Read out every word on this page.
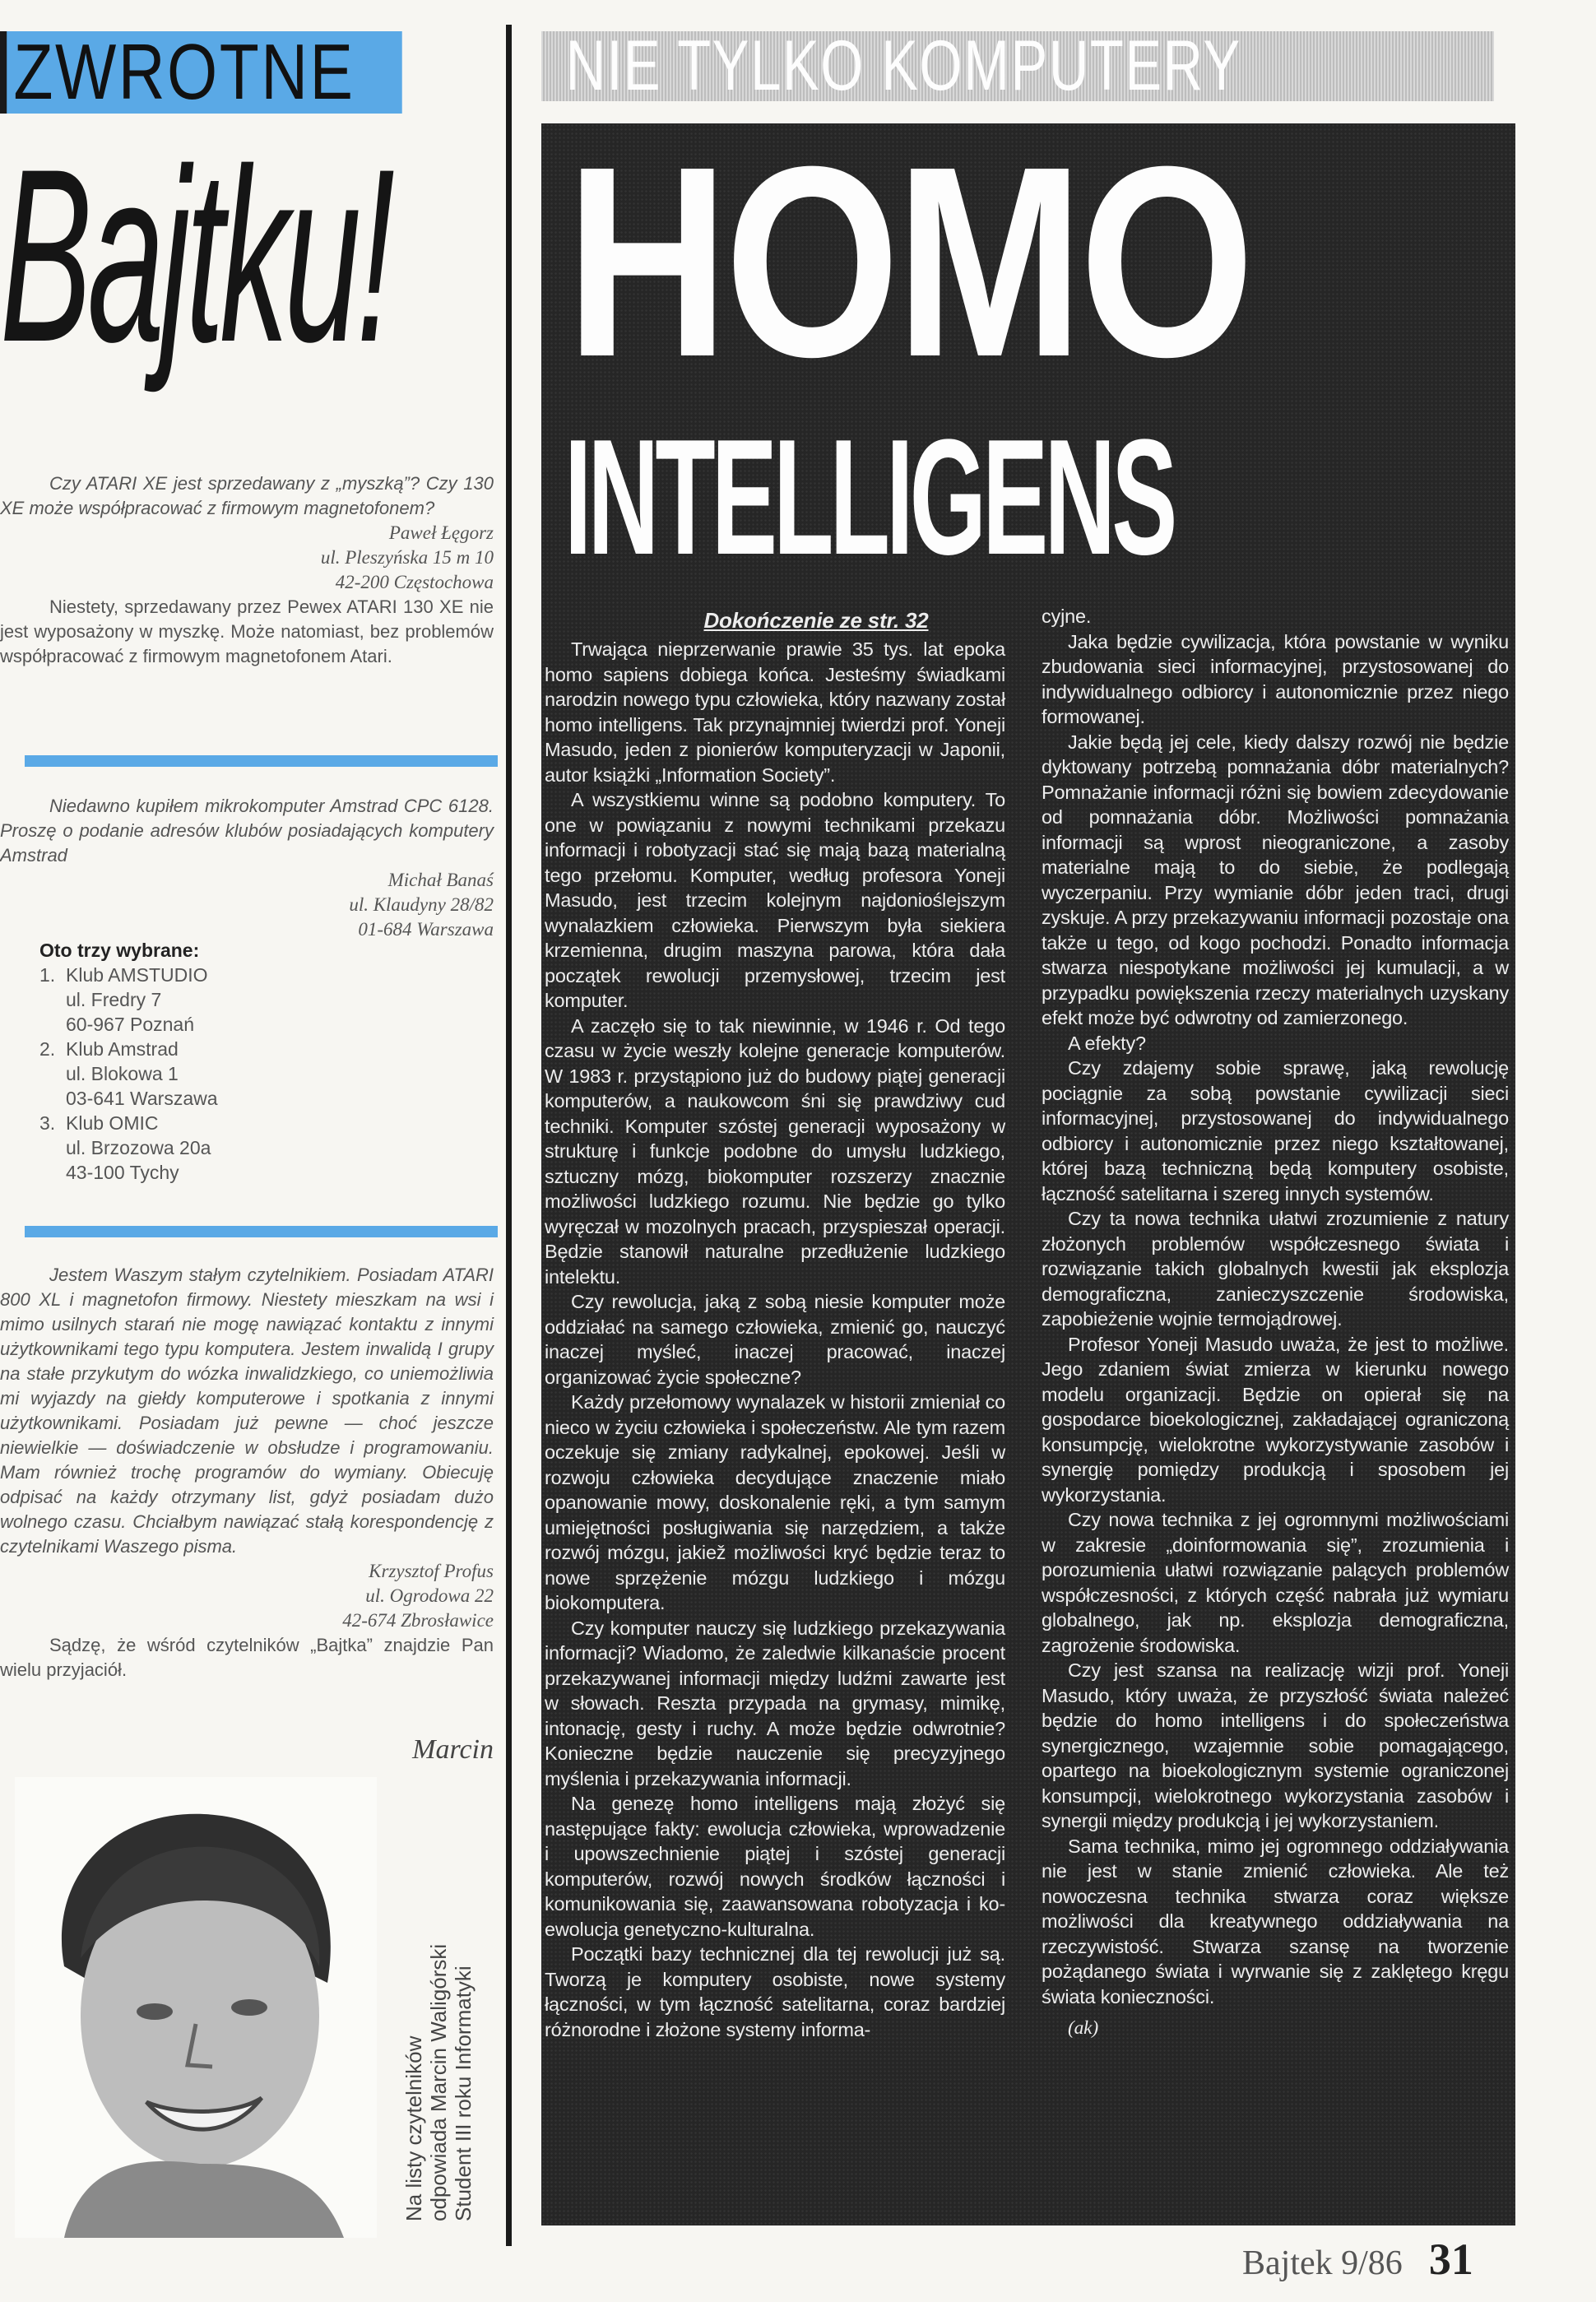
ZWROTNE
Bajtku!

Czy ATARI XE jest sprzedawany z „myszką”? Czy 130 XE może współpracować z firmowym magnetofonem?

Paweł Łęgorz

ul. Pleszyńska 15 m 10

42-200 Częstochowa

Niestety, sprzedawany przez Pewex ATARI 130 XE nie jest wyposażony w myszkę. Może natomiast, bez problemów współpracować z firmowym magnetofonem Atari.

Niedawno kupiłem mikrokomputer Amstrad CPC 6128. Proszę o podanie adresów klubów posiadających komputery Amstrad

Michał Banaś

ul. Klaudyny 28/82

01-684 Warszawa

Oto trzy wybrane:
1. Klub AMSTUDIO
ul. Fredry 7
60-967 Poznań
2. Klub Amstrad
ul. Blokowa 1
03-641 Warszawa
3. Klub OMIC
ul. Brzozowa 20a
43-100 Tychy

Jestem Waszym stałym czytelnikiem. Posiadam ATARI 800 XL i magnetofon firmowy. Niestety mieszkam na wsi i mimo usilnych starań nie mogę nawiązać kontaktu z innymi użytkownikami tego typu komputera. Jestem inwalidą I grupy na stałe przykutym do wózka inwalidzkiego, co uniemożliwia mi wyjazdy na giełdy komputerowe i spotkania z innymi użytkownikami. Posiadam już pewne — choć jeszcze niewielkie — doświadczenie w obsłudze i programowaniu. Mam również trochę programów do wymiany. Obiecuję odpisać na każdy otrzymany list, gdyż posiadam dużo wolnego czasu. Chciałbym nawiązać stałą korespondencję z czytelnikami Waszego pisma.

Krzysztof Profus

ul. Ogrodowa 22

42-674 Zbrosławice

Sądzę, że wśród czytelników „Bajtka” znajdzie Pan wielu przyjaciół.

Marcin
Na listy czytelników odpowiada Marcin Waligórski Student III roku Informatyki
NIE TYLKO KOMPUTERY
HOMO
INTELLIGENS

Dokończenie ze str. 32

Trwająca nieprzerwanie prawie 35 tys. lat epoka homo sapiens dobiega końca. Jesteśmy świadkami narodzin nowego typu człowieka, który nazwany został homo intelligens. Tak przynajmniej twierdzi prof. Yoneji Masudo, jeden z pionierów komputeryzacji w Japonii, autor książki „Information Society”.

A wszystkiemu winne są podobno komputery. To one w powiązaniu z nowymi technikami przekazu informacji i robotyzacji stać się mają bazą materialną tego przełomu. Komputer, według profesora Yoneji Masudo, jest trzecim kolejnym najdonioślejszym wynalazkiem człowieka. Pierwszym była siekiera krzemienna, drugim maszyna parowa, która dała początek rewolucji przemysłowej, trzecim jest komputer.

A zaczęło się to tak niewinnie, w 1946 r. Od tego czasu w życie weszły kolejne generacje komputerów. W 1983 r. przystąpiono już do budowy piątej generacji komputerów, a naukowcom śni się prawdziwy cud techniki. Komputer szóstej generacji wyposażony w strukturę i funkcje podobne do umysłu ludzkiego, sztuczny mózg, biokomputer rozszerzy znacznie możliwości ludzkiego rozumu. Nie będzie go tylko wyręczał w mozolnych pracach, przyspieszał operacji. Będzie stanowił naturalne przedłużenie ludzkiego intelektu.

Czy rewolucja, jaką z sobą niesie komputer może oddziałać na samego człowieka, zmienić go, nauczyć inaczej myśleć, inaczej pracować, inaczej organizować życie społeczne?

Każdy przełomowy wynalazek w historii zmieniał co nieco w życiu człowieka i społeczeństw. Ale tym razem oczekuje się zmiany radykalnej, epokowej. Jeśli w rozwoju człowieka decydujące znaczenie miało opanowanie mowy, doskonalenie ręki, a tym samym umiejętności posługiwania się narzędziem, a także rozwój mózgu, jakiež możliwości kryć będzie teraz to nowe sprzężenie mózgu ludzkiego i mózgu biokomputera.

Czy komputer nauczy się ludzkiego przekazywania informacji? Wiadomo, że zaledwie kilkanaście procent przekazywanej informacji między ludźmi zawarte jest w słowach. Reszta przypada na grymasy, mimikę, intonację, gesty i ruchy. A może będzie odwrotnie? Konieczne będzie nauczenie się precyzyjnego myślenia i przekazywania informacji.

Na genezę homo intelligens mają złożyć się następujące fakty: ewolucja człowieka, wprowadzenie i upowszechnienie piątej i szóstej generacji komputerów, rozwój nowych środków łączności i komunikowania się, zaawansowana robotyzacja i ko-ewolucja genetyczno-kulturalna.

Początki bazy technicznej dla tej rewolucji już są. Tworzą je komputery osobiste, nowe systemy łączności, w tym łączność satelitarna, coraz bardziej różnorodne i złożone systemy informa-

cyjne.

Jaka będzie cywilizacja, która powstanie w wyniku zbudowania sieci informacyjnej, przystosowanej do indywidualnego odbiorcy i autonomicznie przez niego formowanej.

Jakie będą jej cele, kiedy dalszy rozwój nie będzie dyktowany potrzebą pomnażania dóbr materialnych? Pomnażanie informacji różni się bowiem zdecydowanie od pomnażania dóbr. Możliwości pomnażania informacji są wprost nieograniczone, a zasoby materialne mają to do siebie, że podlegają wyczerpaniu. Przy wymianie dóbr jeden traci, drugi zyskuje. A przy przekazywaniu informacji pozostaje ona także u tego, od kogo pochodzi. Ponadto informacja stwarza niespotykane możliwości jej kumulacji, a w przypadku powiększenia rzeczy materialnych uzyskany efekt może być odwrotny od zamierzonego.

A efekty?

Czy zdajemy sobie sprawę, jaką rewolucję pociągnie za sobą powstanie cywilizacji sieci informacyjnej, przystosowanej do indywidualnego odbiorcy i autonomicznie przez niego kształtowanej, której bazą techniczną będą komputery osobiste, łączność satelitarna i szereg innych systemów.

Czy ta nowa technika ułatwi zrozumienie z natury złożonych problemów współczesnego świata i rozwiązanie takich globalnych kwestii jak eksplozja demograficzna, zanieczyszczenie środowiska, zapobieżenie wojnie termojądrowej.

Profesor Yoneji Masudo uważa, że jest to możliwe. Jego zdaniem świat zmierza w kierunku nowego modelu organizacji. Będzie on opierał się na gospodarce bioekologicznej, zakładającej ograniczoną konsumpcję, wielokrotne wykorzystywanie zasobów i synergię pomiędzy produkcją i sposobem jej wykorzystania.

Czy nowa technika z jej ogromnymi możliwościami w zakresie „doinformowania się”, zrozumienia i porozumienia ułatwi rozwiązanie palących problemów współczesności, z których część nabrała już wymiaru globalnego, jak np. eksplozja demograficzna, zagrożenie środowiska.

Czy jest szansa na realizację wizji prof. Yoneji Masudo, który uważa, że przyszłość świata należeć będzie do homo intelligens i do społeczeństwa synergicznego, wzajemnie sobie pomagającego, opartego na bioekologicznym systemie ograniczonej konsumpcji, wielokrotnego wykorzystania zasobów i synergii między produkcją i jej wykorzystaniem.

Sama technika, mimo jej ogromnego oddziaływania nie jest w stanie zmienić człowieka. Ale też nowoczesna technika stwarza coraz większe możliwości dla kreatywnego oddziaływania na rzeczywistość. Stwarza szansę na tworzenie pożądanego świata i wyrwanie się z zaklętego kręgu świata konieczności.

(ak)

Bajtek 9/86 31
